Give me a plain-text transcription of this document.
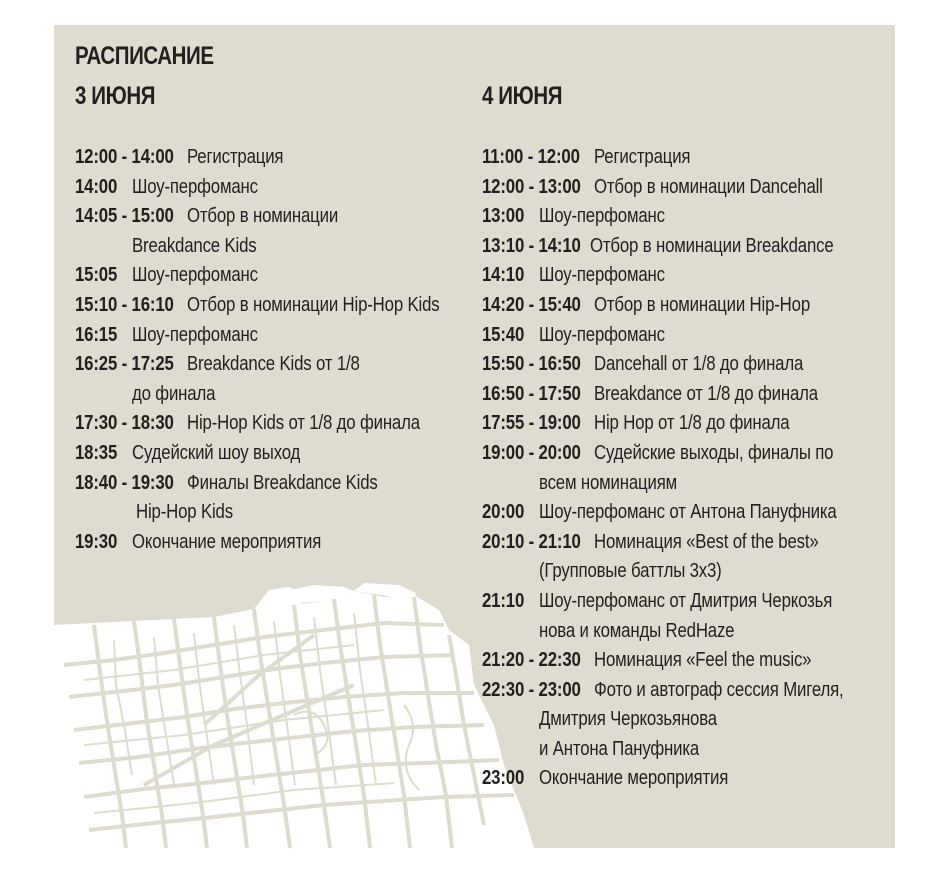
РАСПИСАНИЕ
3 ИЮНЯ	4 ИЮНЯ
12:00 - 14:00 Регистрация
14:00 Шоу-перфоманс
14:05 - 15:00 Отбор в номинации
Breakdance Kids
15:05 Шоу-перфоманс
15:10 - 16:10 Отбор в номинации Hip-Hop Kids
16:15 Шоу-перфоманс
16:25 - 17:25 Breakdance Kids от 1/8
до финала
17:30 - 18:30 Hip-Hop Kids от 1/8 до финала
18:35 Судейский шоу выход
18:40 - 19:30 Финалы Breakdance Kids
Hip-Hop Kids
19:30 Окончание мероприятия
11:00 - 12:00 Регистрация
12:00 - 13:00 Отбор в номинации Dancehall
13:00 Шоу-перфоманс
13:10 - 14:10 Отбор в номинации Breakdance
14:10 Шоу-перфоманс
14:20 - 15:40 Отбор в номинации Hip-Hop
15:40 Шоу-перфоманс
15:50 - 16:50 Dancehall от 1/8 до финала
16:50 - 17:50 Breakdance от 1/8 до финала
17:55 - 19:00 Hip Hop от 1/8 до финала
19:00 - 20:00 Судейские выходы, финалы по
всем номинациям
20:00 Шоу-перфоманс от Антона Пануфника
20:10 - 21:10 Номинация «Best of the best»
(Групповые баттлы 3х3)
21:10 Шоу-перфоманс от Дмитрия Черкозья
нова и команды RedHaze
21:20 - 22:30 Номинация «Feel the music»
22:30 - 23:00 Фото и автограф сессия Мигеля,
Дмитрия Черкозьянова
и Антона Пануфника
23:00 Окончание мероприятия
